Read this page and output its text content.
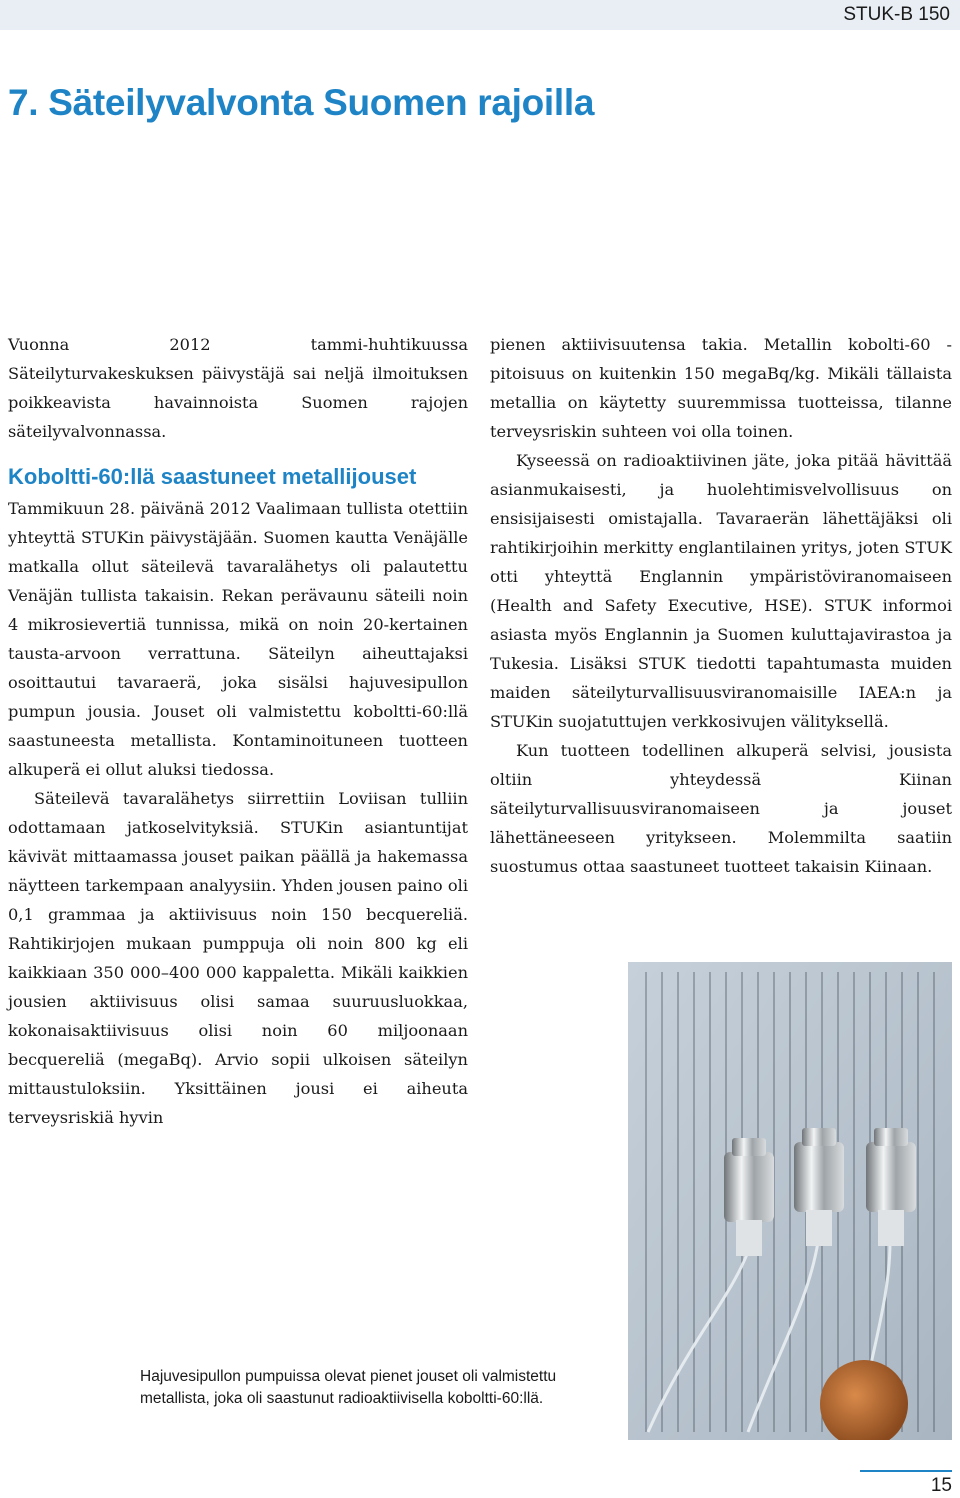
STUK-B 150
7. Säteilyvalvonta Suomen rajoilla

Vuonna 2012 tammi-huhtikuussa Säteilyturvakeskuksen päivystäjä sai neljä ilmoituksen poikkeavista havainnoista Suomen rajojen säteilyvalvonnassa.

Koboltti-60:llä saastuneet metallijouset

Tammikuun 28. päivänä 2012 Vaalimaan tullista otettiin yhteyttä STUKin päivystäjään. Suomen kautta Venäjälle matkalla ollut säteilevä tavaralähetys oli palautettu Venäjän tullista takaisin. Rekan perävaunu säteili noin 4 mikrosievertiä tunnissa, mikä on noin 20-kertainen tausta-arvoon verrattuna. Säteilyn aiheuttajaksi osoittautui tavaraerä, joka sisälsi hajuvesipullon pumpun jousia. Jouset oli valmistettu koboltti-60:llä saastuneesta metallista. Kontaminoituneen tuotteen alkuperä ei ollut aluksi tiedossa.

Säteilevä tavaralähetys siirrettiin Loviisan tulliin odottamaan jatkoselvityksiä. STUKin asiantuntijat kävivät mittaamassa jouset paikan päällä ja hakemassa näytteen tarkempaan analyysiin. Yhden jousen paino oli 0,1 grammaa ja aktiivisuus noin 150 becquereliä. Rahtikirjojen mukaan pumppuja oli noin 800 kg eli kaikkiaan 350 000–400 000 kappaletta. Mikäli kaikkien jousien aktiivisuus olisi samaa suuruusluokkaa, kokonaisaktiivisuus olisi noin 60 miljoonaan becquereliä (megaBq). Arvio sopii ulkoisen säteilyn mittaustuloksiin. Yksittäinen jousi ei aiheuta terveysriskiä hyvin

pienen aktiivisuutensa takia. Metallin kobolti-60 -pitoisuus on kuitenkin 150 megaBq/kg. Mikäli tällaista metallia on käytetty suuremmissa tuotteissa, tilanne terveysriskin suhteen voi olla toinen.

Kyseessä on radioaktiivinen jäte, joka pitää hävittää asianmukaisesti, ja huolehtimisvelvollisuus on ensisijaisesti omistajalla. Tavaraerän lähettäjäksi oli rahtikirjoihin merkitty englantilainen yritys, joten STUK otti yhteyttä Englannin ympäristöviranomaiseen (Health and Safety Executive, HSE). STUK informoi asiasta myös Englannin ja Suomen kuluttajavirastoa ja Tukesia. Lisäksi STUK tiedotti tapahtumasta muiden maiden säteilyturvallisuusviranomaisille IAEA:n ja STUKin suojatuttujen verkkosivujen välityksellä.

Kun tuotteen todellinen alkuperä selvisi, jousista oltiin yhteydessä Kiinan säteilyturvallisuusviranomaiseen ja jouset lähettäneeseen yritykseen. Molemmilta saatiin suostumus ottaa saastuneet tuotteet takaisin Kiinaan.

Hajuvesipullon pumpuissa olevat pienet jouset oli valmistettu metallista, joka oli saastunut radioaktiivisella koboltti-60:llä.
15
